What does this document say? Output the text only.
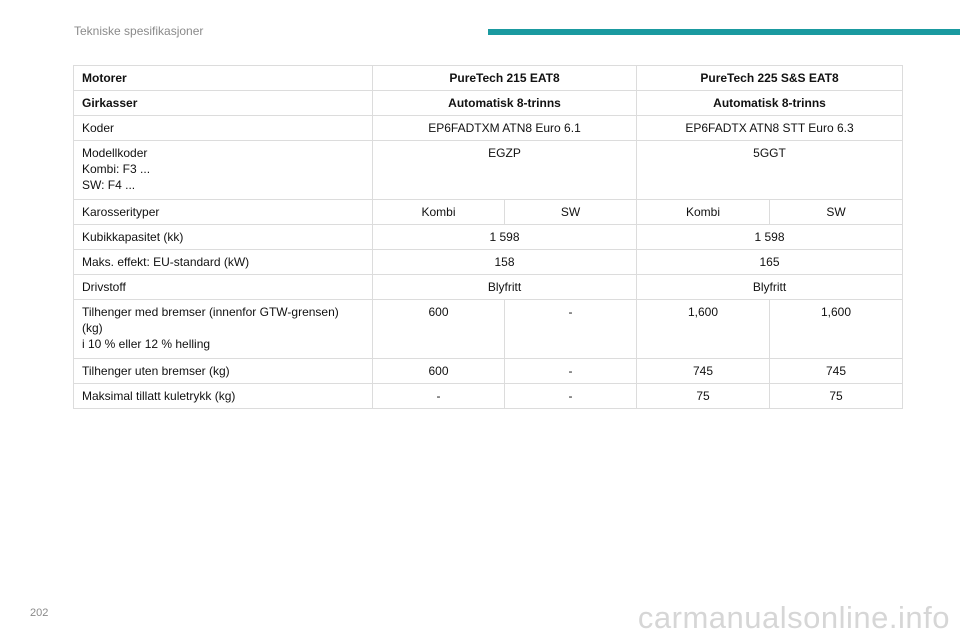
Tekniske spesifikasjoner
Motorer	PureTech 215 EAT8		PureTech 225 S&S EAT8	
Girkasser	Automatisk 8-trinns		Automatisk 8-trinns	
Koder	EP6FADTXM ATN8 Euro 6.1		EP6FADTX ATN8 STT Euro 6.3	

Modellkoder
Kombi: F3 ...
SW: F4 ...	EGZP		5GGT	
Karosserityper	Kombi	SW	Kombi	SW
Kubikkapasitet (kk)	1 598		1 598	
Maks. effekt: EU-standard (kW)	158		165	
Drivstoff	Blyfritt		Blyfritt	

Tilhenger med bremser (innenfor GTW-grensen)
(kg)
i 10 % eller 12 % helling	600	-	1,600	1,600
Tilhenger uten bremser (kg)	600	-	745	745
Maksimal tillatt kuletrykk (kg)	-	-	75	75
202	carmanualsonline.info
